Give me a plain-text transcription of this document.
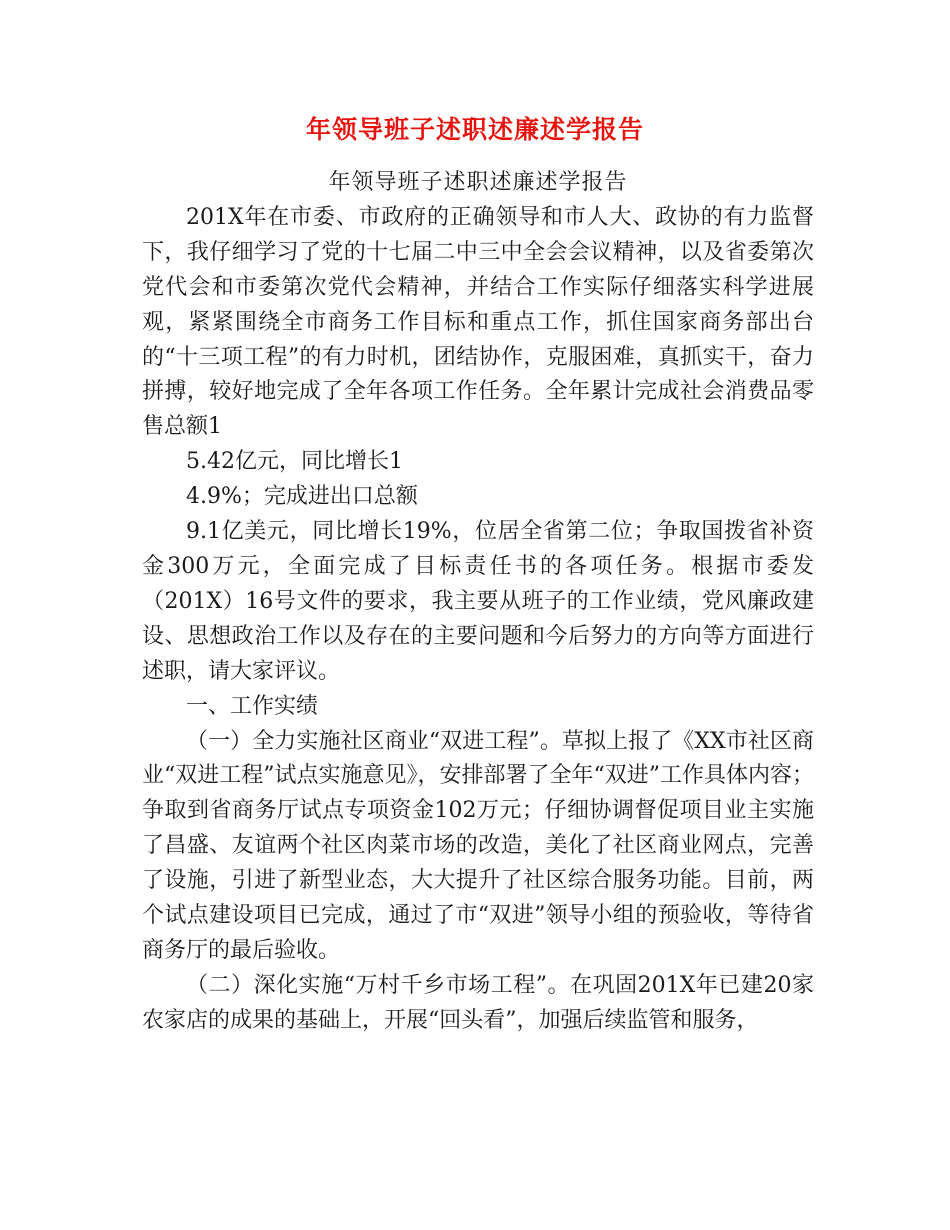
年领导班子述职述廉述学报告

年领导班子述职述廉述学报告

201X年在市委、市政府的正确领导和市人大、政协的有力监督下，我仔细学习了党的十七届二中三中全会会议精神，以及省委第次党代会和市委第次党代会精神，并结合工作实际仔细落实科学进展观，紧紧围绕全市商务工作目标和重点工作，抓住国家商务部出台的“十三项工程”的有力时机，团结协作，克服困难，真抓实干，奋力拼搏，较好地完成了全年各项工作任务。全年累计完成社会消费品零售总额1

5.42亿元，同比增长1

4.9%；完成进出口总额

9.1亿美元，同比增长19%，位居全省第二位；争取国拨省补资金300万元，全面完成了目标责任书的各项任务。根据市委发（201X）16号文件的要求，我主要从班子的工作业绩，党风廉政建设、思想政治工作以及存在的主要问题和今后努力的方向等方面进行述职，请大家评议。

一、工作实绩

（一）全力实施社区商业“双进工程”。草拟上报了《XX市社区商业“双进工程”试点实施意见》，安排部署了全年“双进”工作具体内容；争取到省商务厅试点专项资金102万元；仔细协调督促项目业主实施了昌盛、友谊两个社区肉菜市场的改造，美化了社区商业网点，完善了设施，引进了新型业态，大大提升了社区综合服务功能。目前，两个试点建设项目已完成，通过了市“双进”领导小组的预验收，等待省商务厅的最后验收。

（二）深化实施“万村千乡市场工程”。在巩固201X年已建20家农家店的成果的基础上，开展“回头看”，加强后续监管和服务，
